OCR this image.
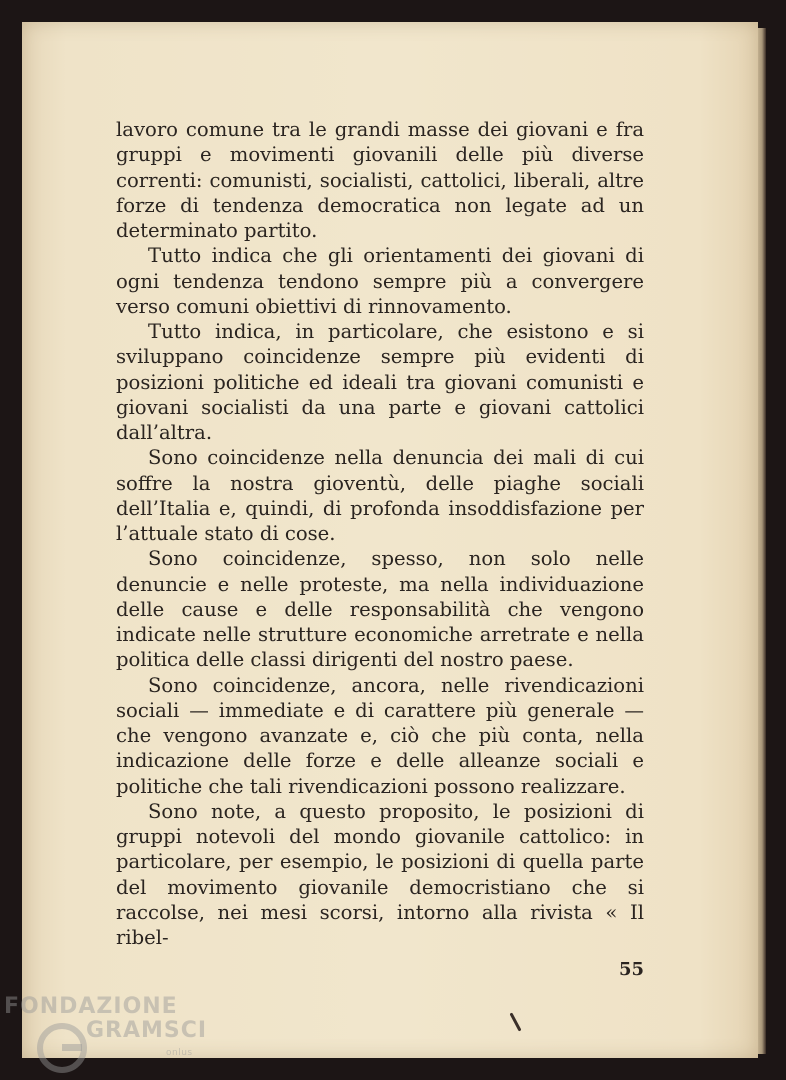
lavoro comune tra le grandi masse dei giovani e fra gruppi e movimenti giovanili delle più diverse correnti: comunisti, socialisti, cattolici, liberali, altre forze di tendenza democratica non legate ad un determinato partito.

Tutto indica che gli orientamenti dei giovani di ogni tendenza tendono sempre più a convergere verso comuni obiettivi di rinnovamento.

Tutto indica, in particolare, che esistono e si sviluppano coincidenze sempre più evidenti di posizioni politiche ed ideali tra giovani comunisti e giovani socialisti da una parte e giovani cattolici dall’altra.

Sono coincidenze nella denuncia dei mali di cui soffre la nostra gioventù, delle piaghe sociali dell’Italia e, quindi, di profonda insoddisfazione per l’attuale stato di cose.

Sono coincidenze, spesso, non solo nelle denuncie e nelle proteste, ma nella individuazione delle cause e delle responsabilità che vengono indicate nelle strutture economiche arretrate e nella politica delle classi dirigenti del nostro paese.

Sono coincidenze, ancora, nelle rivendicazioni sociali — immediate e di carattere più generale — che vengono avanzate e, ciò che più conta, nella indicazione delle forze e delle alleanze sociali e politiche che tali rivendicazioni possono realizzare.

Sono note, a questo proposito, le posizioni di gruppi notevoli del mondo giovanile cattolico: in particolare, per esempio, le posizioni di quella parte del movimento giovanile democristiano che si raccolse, nei mesi scorsi, intorno alla rivista « Il ribel-

55
FONDAZIONE
GRAMSCI
onlus
